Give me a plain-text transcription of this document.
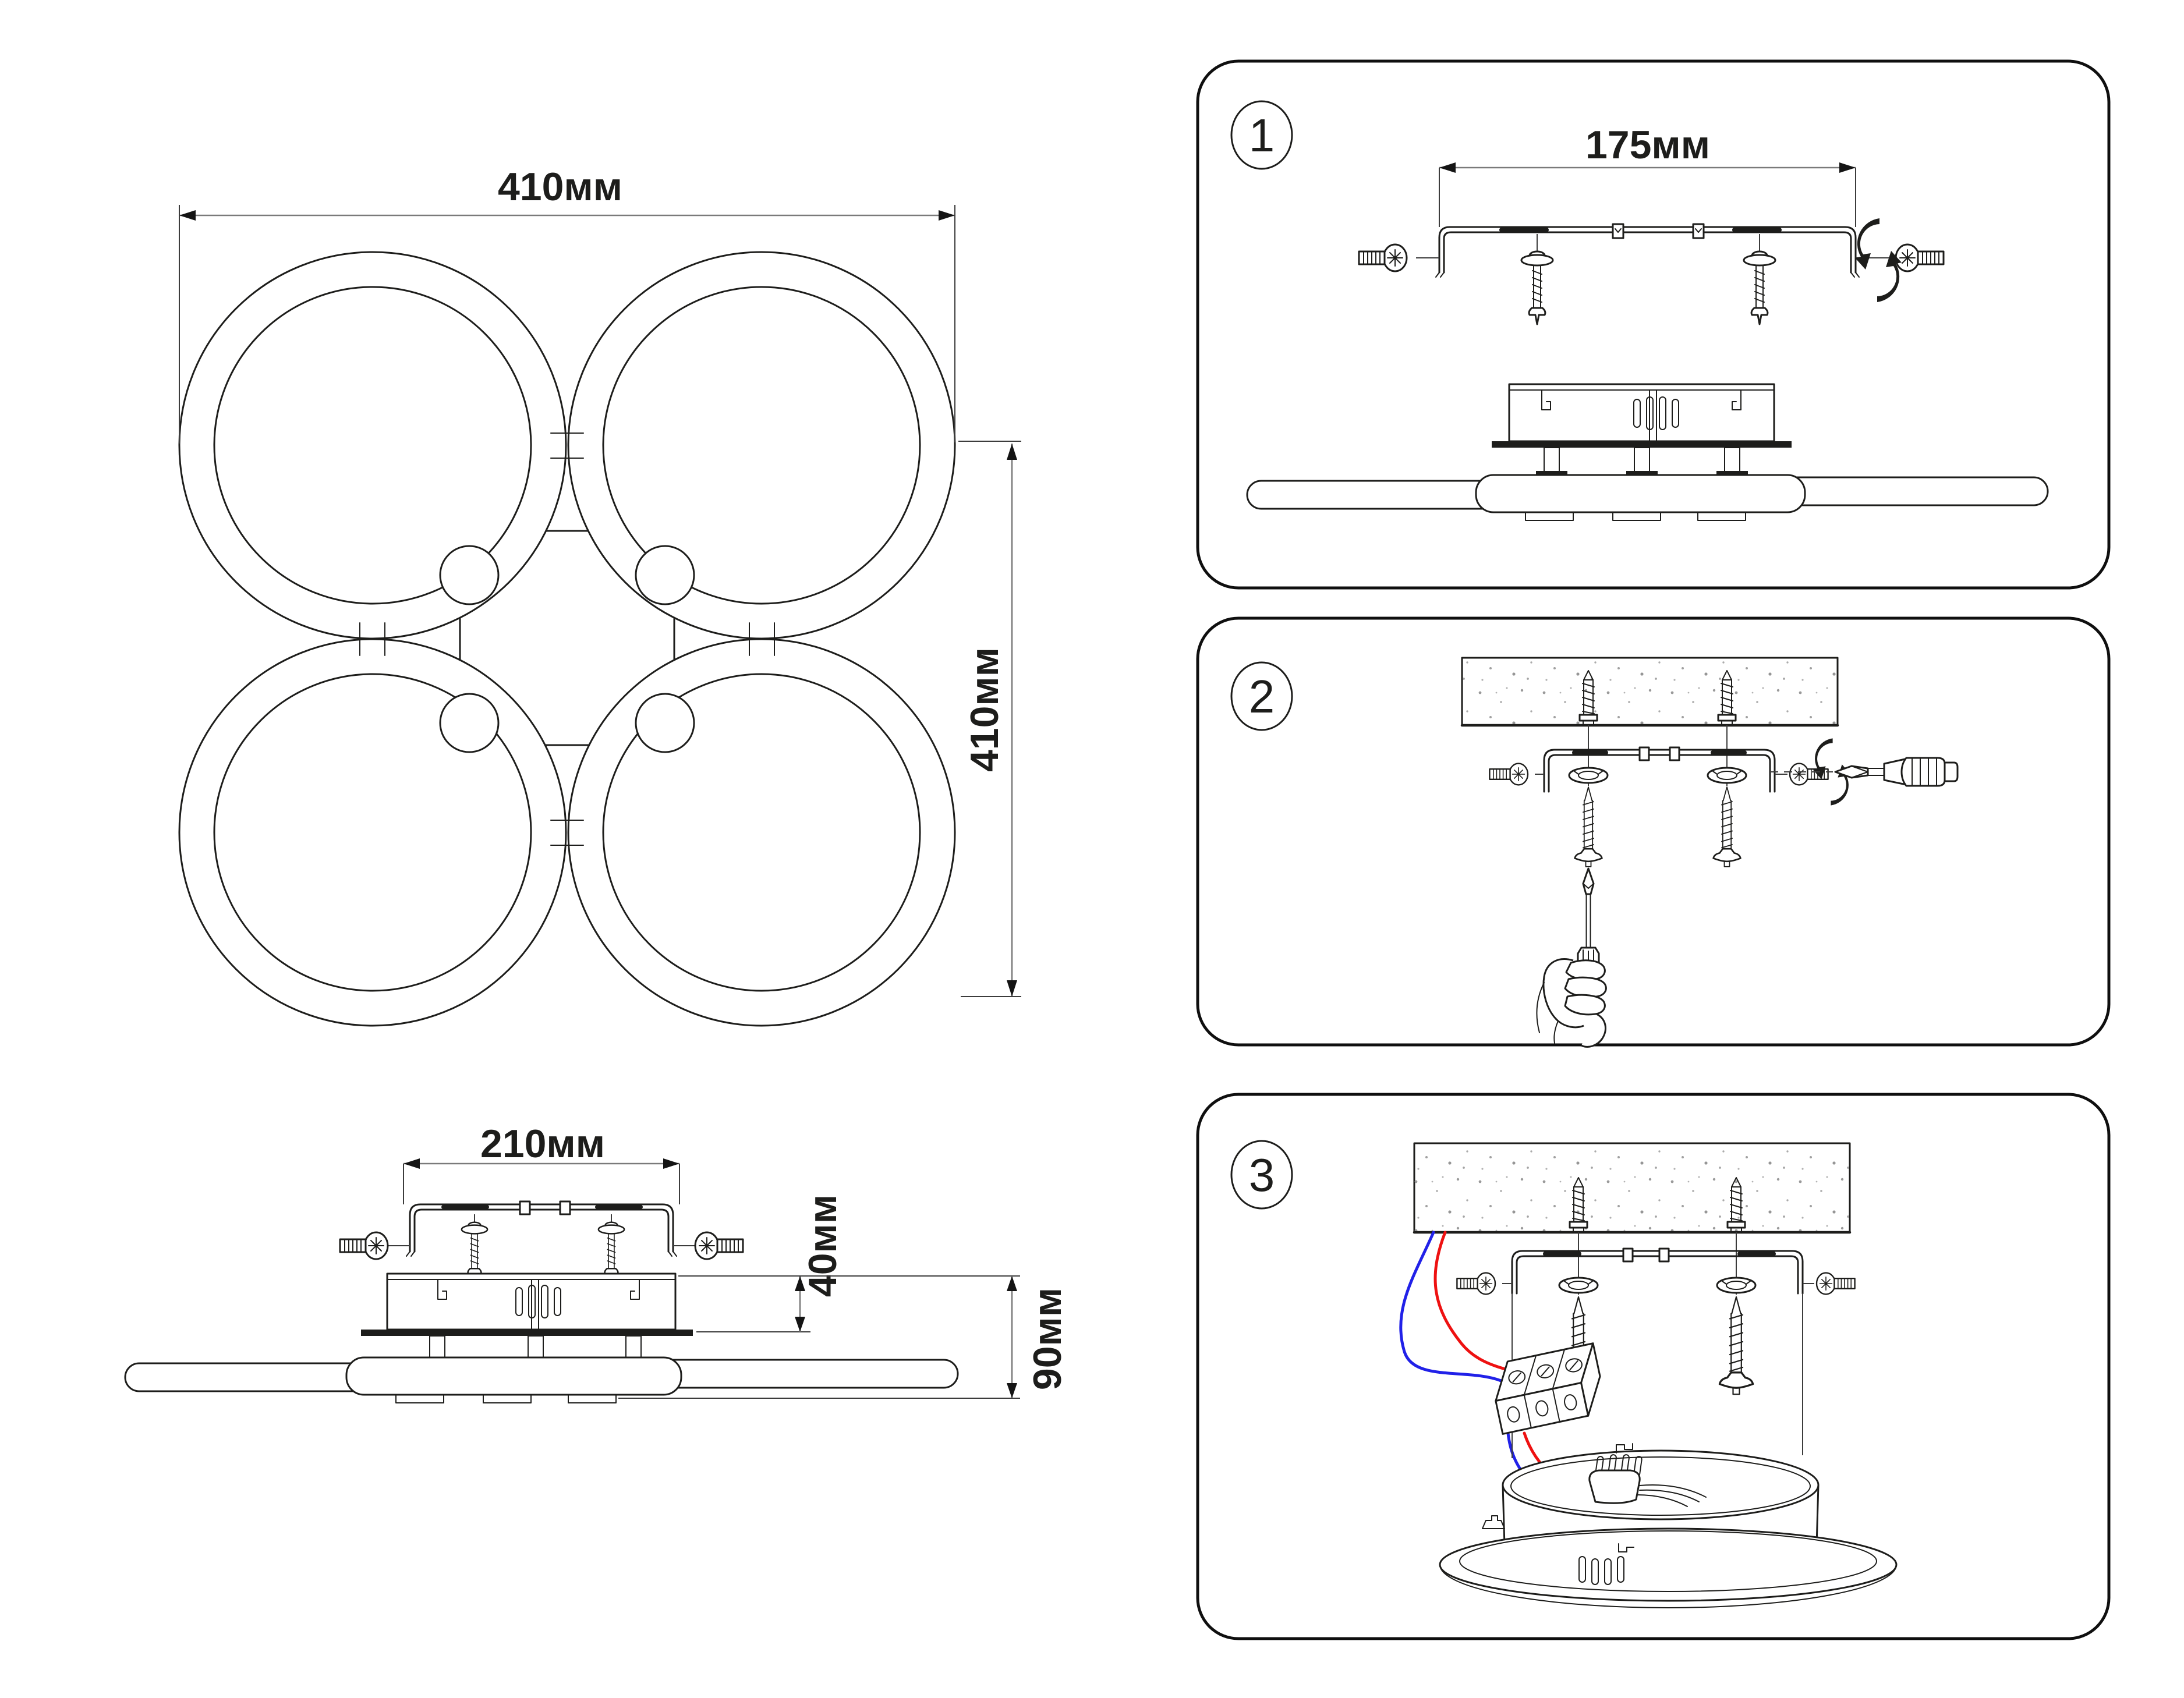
410мм
410мм
210мм
40мм
90мм
1	175мм
2
3
